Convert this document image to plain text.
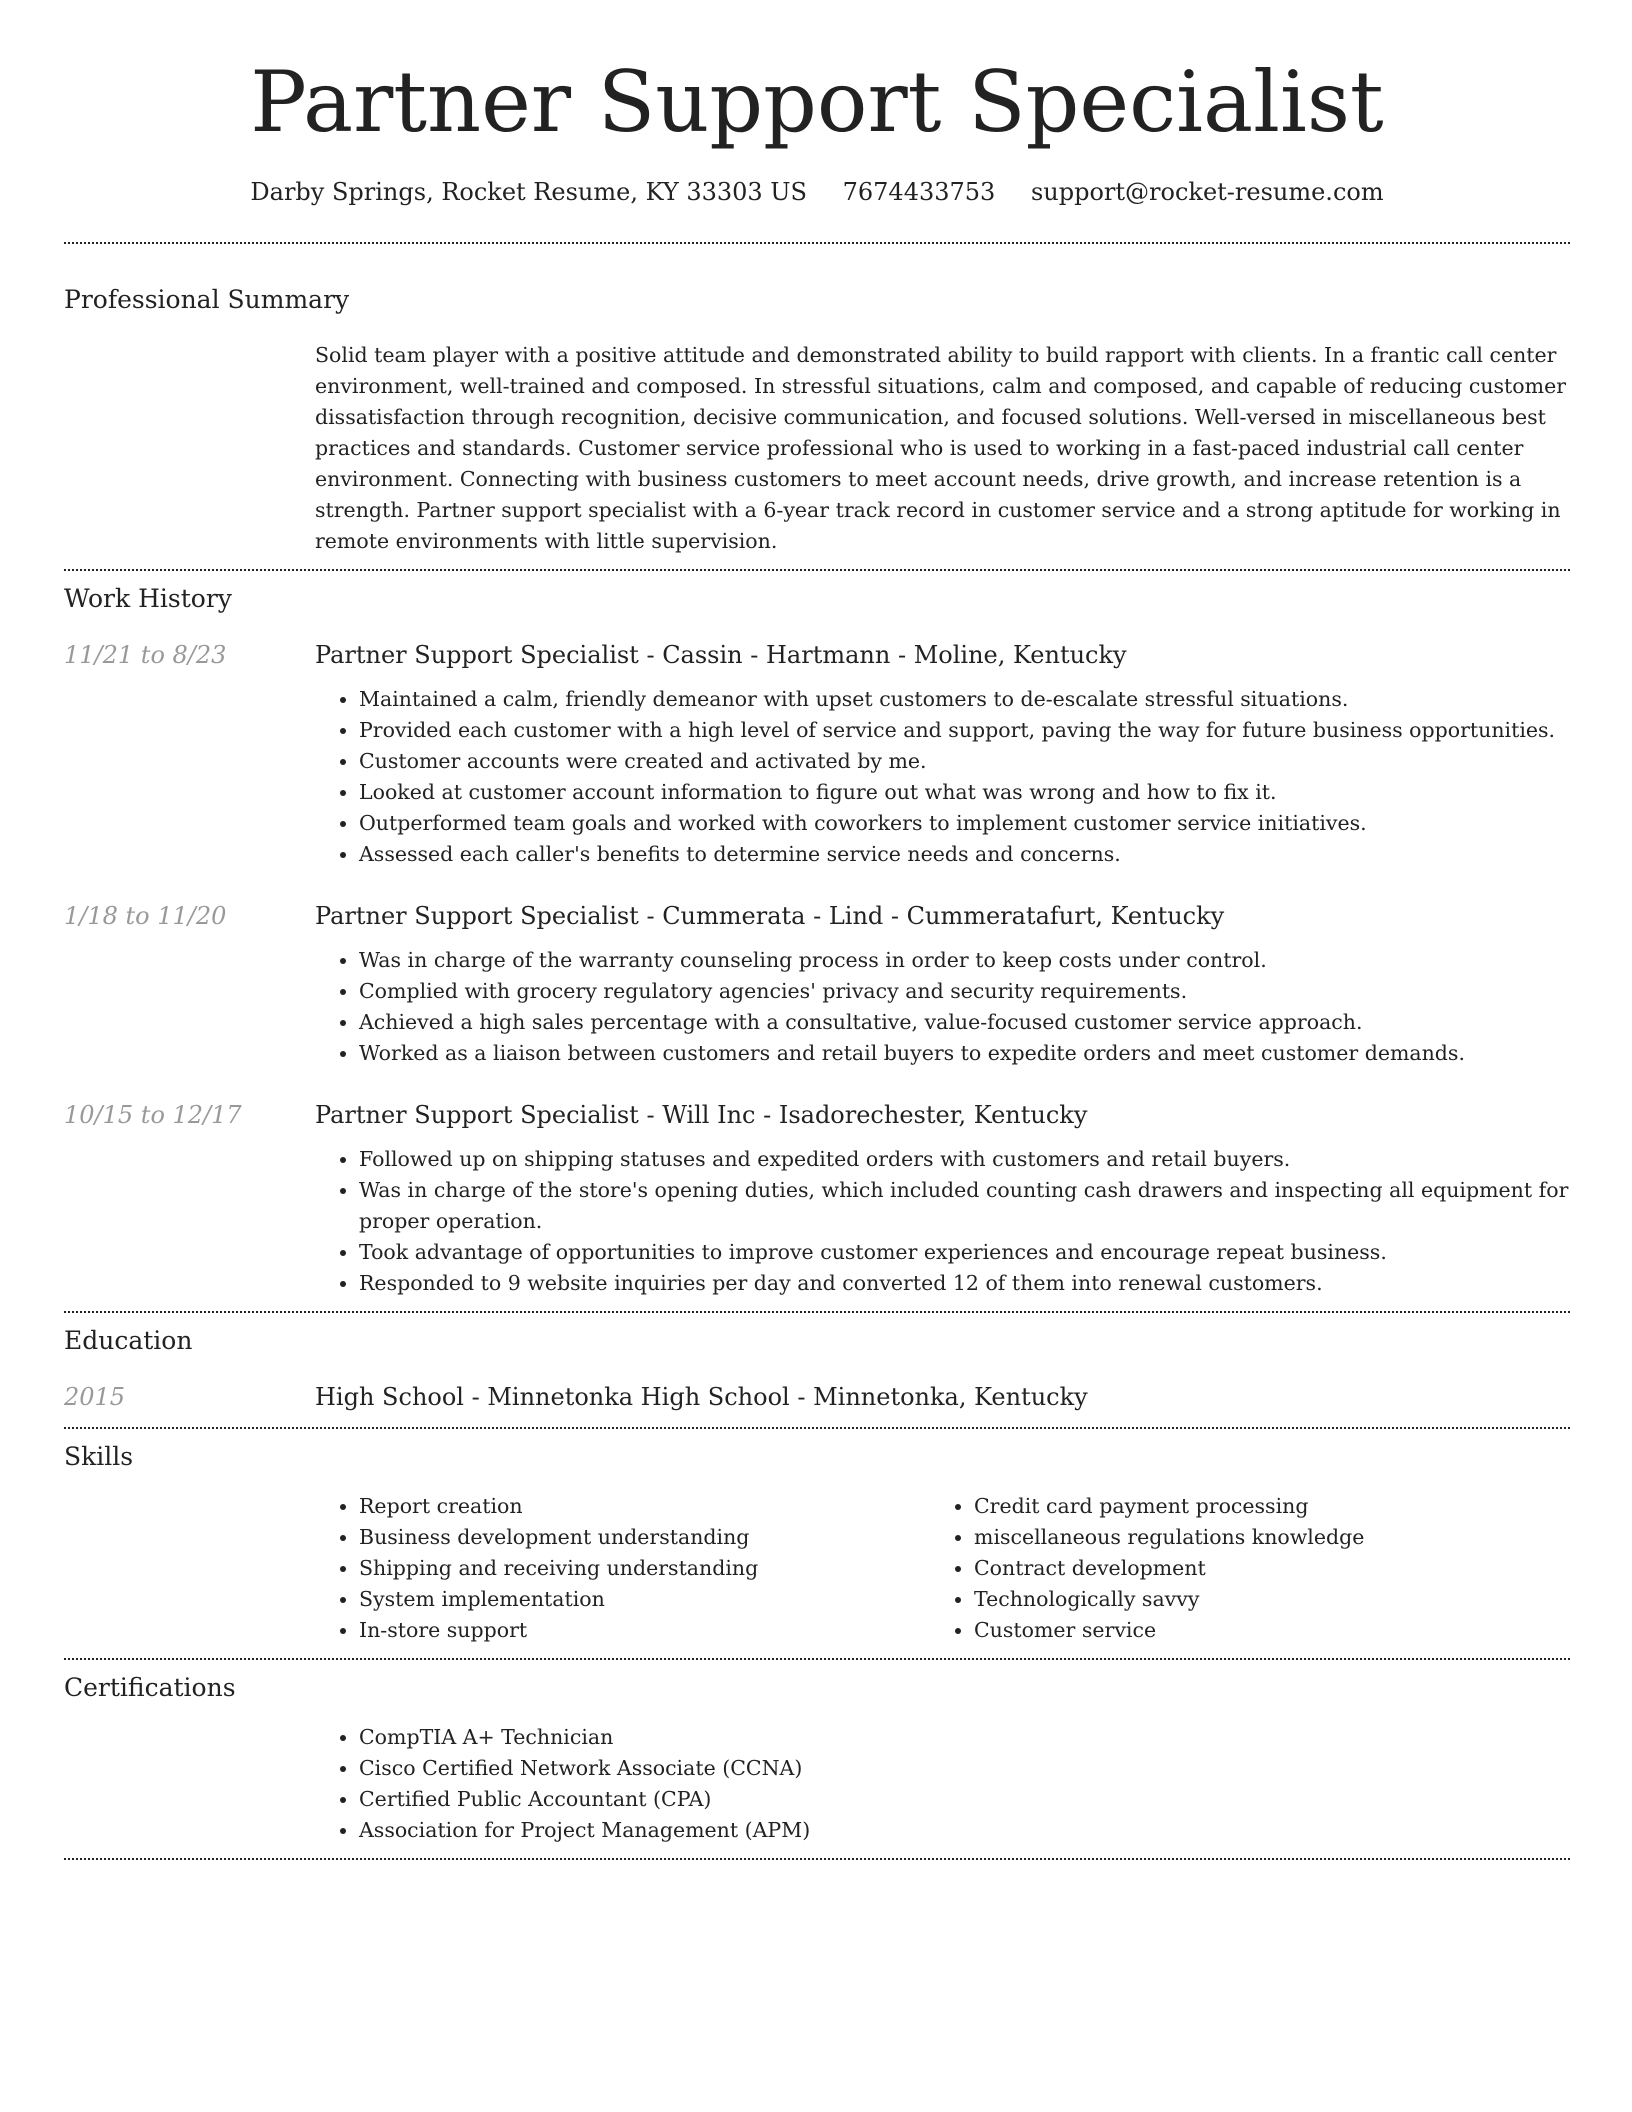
Partner Support Specialist
Darby Springs, Rocket Resume, KY 33303 US 7674433753 support@rocket-resume.com
Professional Summary
Solid team player with a positive attitude and demonstrated ability to build rapport with clients. In a frantic call center environment, well-trained and composed. In stressful situations, calm and composed, and capable of reducing customer dissatisfaction through recognition, decisive communication, and focused solutions. Well-versed in miscellaneous best practices and standards. Customer service professional who is used to working in a fast-paced industrial call center environment. Connecting with business customers to meet account needs, drive growth, and increase retention is a strength. Partner support specialist with a 6-year track record in customer service and a strong aptitude for working in remote environments with little supervision.
Work History
11/21 to 8/23	Partner Support Specialist - Cassin - Hartmann - Moline, Kentucky
• Maintained a calm, friendly demeanor with upset customers to de-escalate stressful situations.
• Provided each customer with a high level of service and support, paving the way for future business opportunities.
• Customer accounts were created and activated by me.
• Looked at customer account information to figure out what was wrong and how to fix it.
• Outperformed team goals and worked with coworkers to implement customer service initiatives.
• Assessed each caller's benefits to determine service needs and concerns.
1/18 to 11/20	Partner Support Specialist - Cummerata - Lind - Cummeratafurt, Kentucky
• Was in charge of the warranty counseling process in order to keep costs under control.
• Complied with grocery regulatory agencies' privacy and security requirements.
• Achieved a high sales percentage with a consultative, value-focused customer service approach.
• Worked as a liaison between customers and retail buyers to expedite orders and meet customer demands.
10/15 to 12/17	Partner Support Specialist - Will Inc - Isadorechester, Kentucky
• Followed up on shipping statuses and expedited orders with customers and retail buyers.
• Was in charge of the store's opening duties, which included counting cash drawers and inspecting all equipment for proper operation.
• Took advantage of opportunities to improve customer experiences and encourage repeat business.
• Responded to 9 website inquiries per day and converted 12 of them into renewal customers.
Education
2015	High School - Minnetonka High School - Minnetonka, Kentucky
Skills
• Report creation
• Business development understanding
• Shipping and receiving understanding
• System implementation
• In-store support
• Credit card payment processing
• miscellaneous regulations knowledge
• Contract development
• Technologically savvy
• Customer service
Certifications
• CompTIA A+ Technician
• Cisco Certified Network Associate (CCNA)
• Certified Public Accountant (CPA)
• Association for Project Management (APM)
